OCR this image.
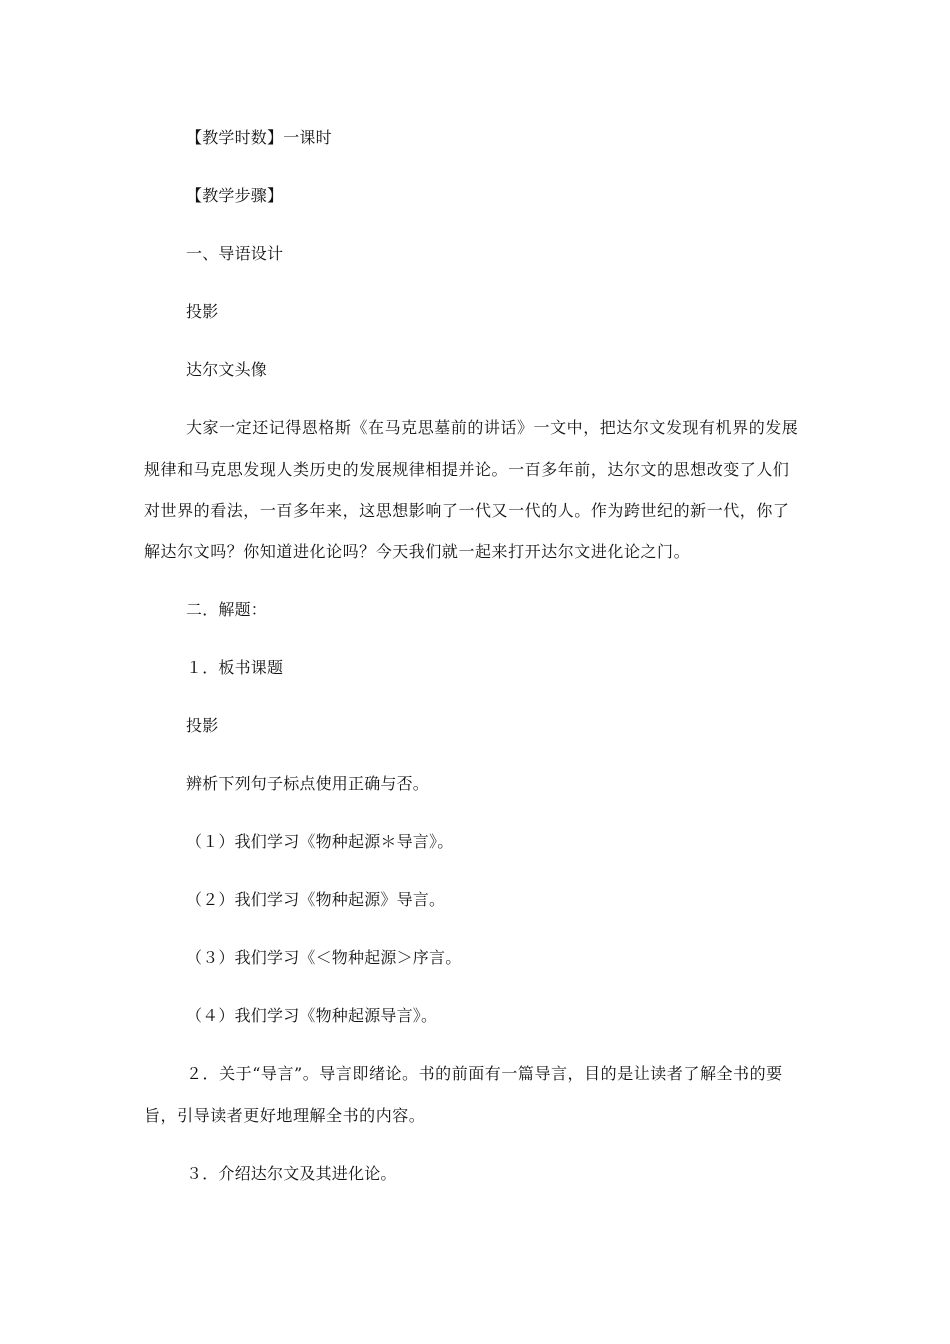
【教学时数】一课时
【教学步骤】
一、导语设计
投影
达尔文头像
大家一定还记得恩格斯《在马克思墓前的讲话》一文中，把达尔文发现有机界的发展
规律和马克思发现人类历史的发展规律相提并论。一百多年前，达尔文的思想改变了人们
对世界的看法，一百多年来，这思想影响了一代又一代的人。作为跨世纪的新一代，你了
解达尔文吗？你知道进化论吗？今天我们就一起来打开达尔文进化论之门。
二．解题：
１．板书课题
投影
辨析下列句子标点使用正确与否。
（１）我们学习《物种起源＊导言》。
（２）我们学习《物种起源》导言。
（３）我们学习《＜物种起源＞序言。
（４）我们学习《物种起源导言》。
２．关于“导言”。导言即绪论。书的前面有一篇导言，目的是让读者了解全书的要
旨，引导读者更好地理解全书的内容。
３．介绍达尔文及其进化论。
